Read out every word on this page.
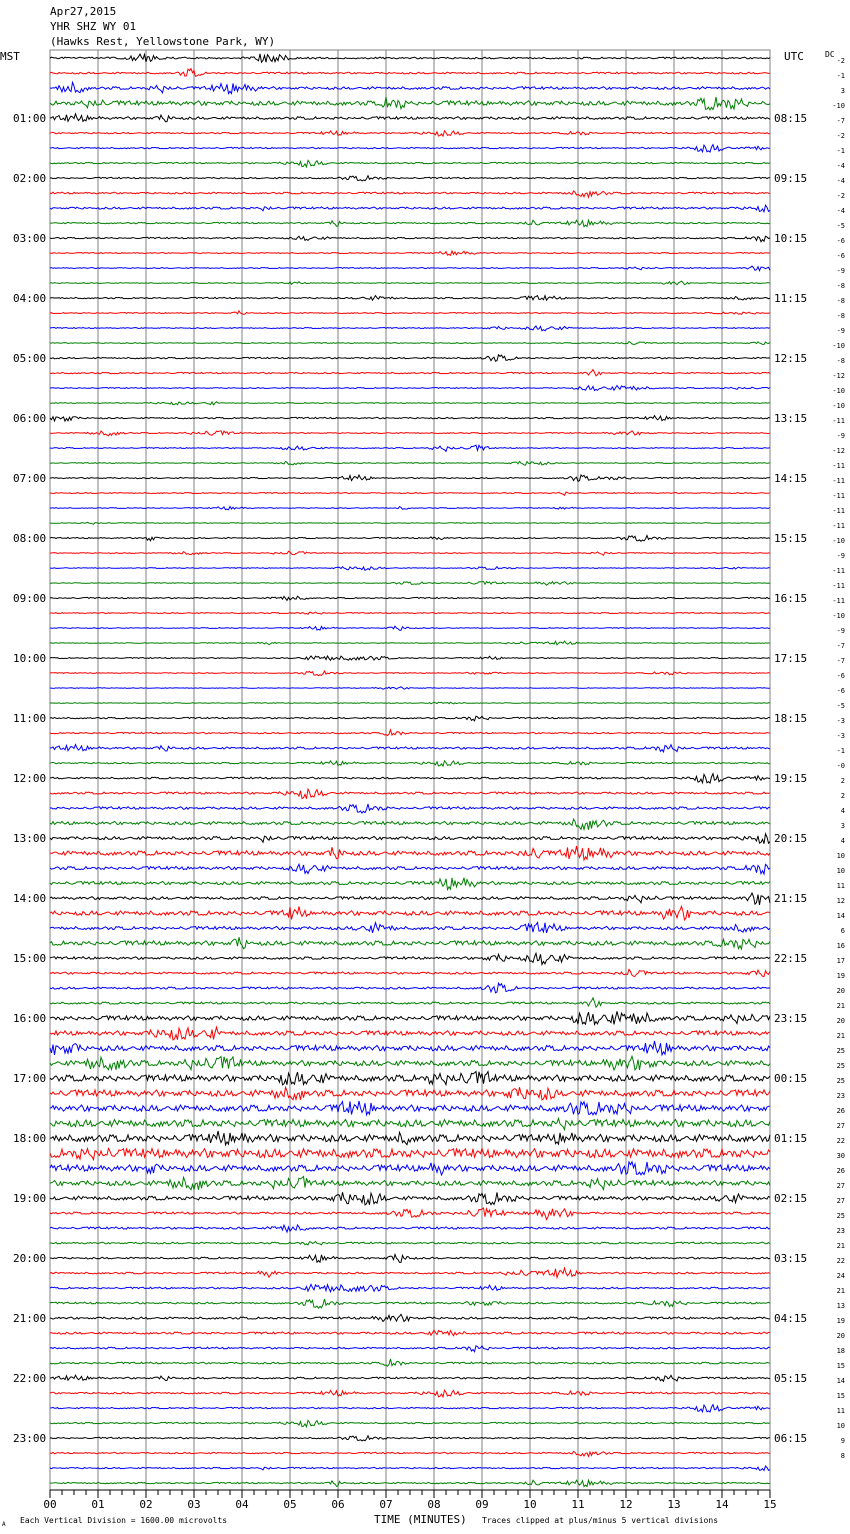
Apr27,2015
YHR SHZ WY 01
(Hawks Rest, Yellowstone Park, WY)
MST	UTC	DC
01:00	08:15
02:00	09:15
03:00	10:15
04:00	11:15
05:00	12:15
06:00	13:15
07:00	14:15
08:00	15:15
09:00	16:15
10:00	17:15
11:00	18:15
12:00	19:15
13:00	20:15
14:00	21:15
15:00	22:15
16:00	23:15
17:00	00:15
18:00	01:15
19:00	02:15
20:00	03:15
21:00	04:15
22:00	05:15
23:00	06:15
-2
-1
3
-10
-7
-2
-1
-4
-4
-2
-4
-5
-6
-6
-9
-8
-8
-8
-9
-10
-8
-12
-10
-10
-11
-9
-12
-11
-11
-11
-11
-11
-10
-9
-11
-11
-11
-10
-9
-7
-7
-6
-6
-5
-3
-3
-1
-0
2
2
4
3
4
10
10
11
12
14
6
16
17
19
20
21
20
21
25
25
25
23
26
27
22
30
26
27
27
25
23
21
22
24
21
13
19
20
18
15
14
15
11
10
9
8
00	01	02	03	04	05	06	07	08	09	10	11	12	13	14	15
A Each Vertical Division = 1600.00 microvolts	TIME (MINUTES) Traces clipped at plus/minus 5 vertical divisions
